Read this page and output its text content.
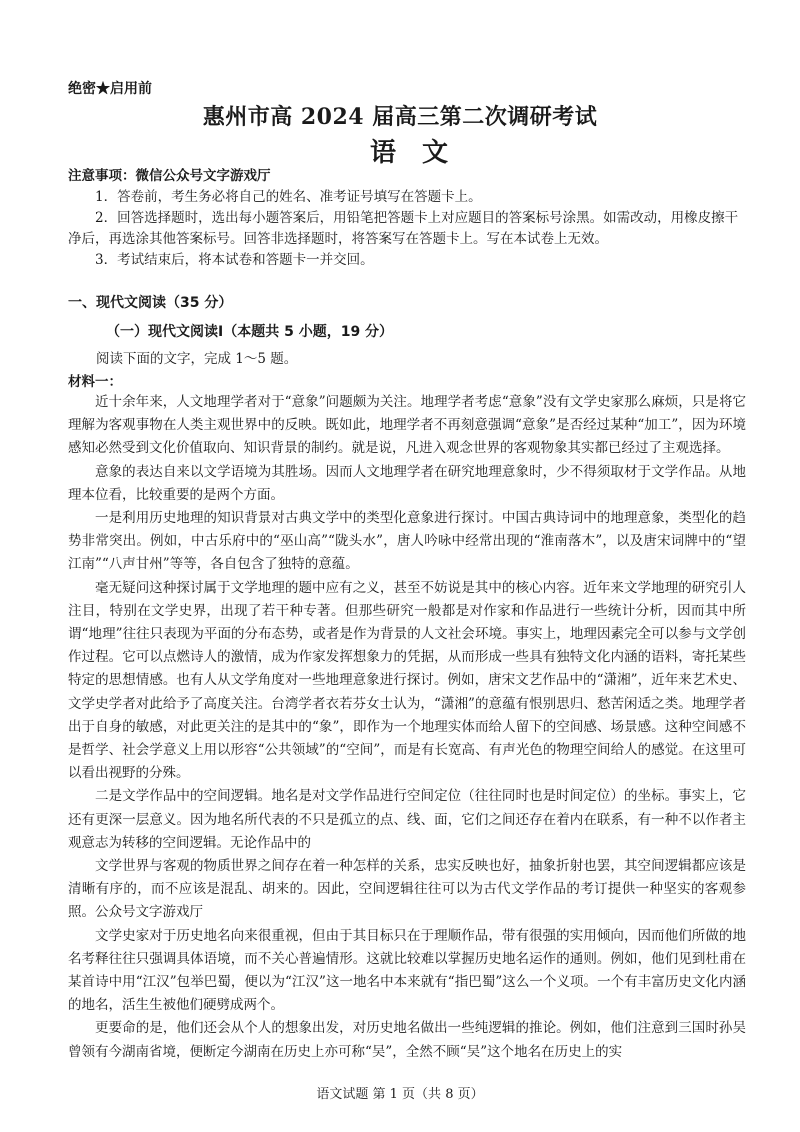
绝密★启用前
惠州市高 2024 届高三第二次调研考试
语文
注意事项：微信公众号文字游戏厅

1．答卷前，考生务必将自己的姓名、准考证号填写在答题卡上。

2．回答选择题时，选出每小题答案后，用铅笔把答题卡上对应题目的答案标号涂黑。如需改动，用橡皮擦干净后，再选涂其他答案标号。回答非选择题时，将答案写在答题卡上。写在本试卷上无效。

3．考试结束后，将本试卷和答题卡一并交回。

一、现代文阅读（35 分）
（一）现代文阅读Ⅰ（本题共 5 小题，19 分）
阅读下面的文字，完成 1～5 题。
材料一：

近十余年来，人文地理学者对于“意象”问题颇为关注。地理学者考虑“意象”没有文学史家那么麻烦，只是将它理解为客观事物在人类主观世界中的反映。既如此，地理学者不再刻意强调“意象”是否经过某种“加工”，因为环境感知必然受到文化价值取向、知识背景的制约。就是说，凡进入观念世界的客观物象其实都已经过了主观选择。

意象的表达自来以文学语境为其胜场。因而人文地理学者在研究地理意象时，少不得须取材于文学作品。从地理本位看，比较重要的是两个方面。

一是利用历史地理的知识背景对古典文学中的类型化意象进行探讨。中国古典诗词中的地理意象，类型化的趋势非常突出。例如，中古乐府中的“巫山高”“陇头水”，唐人吟咏中经常出现的“淮南落木”，以及唐宋词牌中的“望江南”“八声甘州”等等，各自包含了独特的意蕴。

毫无疑问这种探讨属于文学地理的题中应有之义，甚至不妨说是其中的核心内容。近年来文学地理的研究引人注目，特别在文学史界，出现了若干种专著。但那些研究一般都是对作家和作品进行一些统计分析，因而其中所谓“地理”往往只表现为平面的分布态势，或者是作为背景的人文社会环境。事实上，地理因素完全可以参与文学创作过程。它可以点燃诗人的激情，成为作家发挥想象力的凭据，从而形成一些具有独特文化内涵的语料，寄托某些特定的思想情感。也有人从文学角度对一些地理意象进行探讨。例如，唐宋文艺作品中的“潇湘”，近年来艺术史、文学史学者对此给予了高度关注。台湾学者衣若芬女士认为，“潇湘”的意蕴有恨别思归、愁苦闲适之类。地理学者出于自身的敏感，对此更关注的是其中的“象”，即作为一个地理实体而给人留下的空间感、场景感。这种空间感不是哲学、社会学意义上用以形容“公共领域”的“空间”，而是有长宽高、有声光色的物理空间给人的感觉。在这里可以看出视野的分殊。

二是文学作品中的空间逻辑。地名是对文学作品进行空间定位（往往同时也是时间定位）的坐标。事实上，它还有更深一层意义。因为地名所代表的不只是孤立的点、线、面，它们之间还存在着内在联系，有一种不以作者主观意志为转移的空间逻辑。无论作品中的

文学世界与客观的物质世界之间存在着一种怎样的关系，忠实反映也好，抽象折射也罢，其空间逻辑都应该是清晰有序的，而不应该是混乱、胡来的。因此，空间逻辑往往可以为古代文学作品的考订提供一种坚实的客观参照。公众号文字游戏厅

文学史家对于历史地名向来很重视，但由于其目标只在于理顺作品，带有很强的实用倾向，因而他们所做的地名考释往往只强调具体语境，而不关心普遍情形。这就比较难以掌握历史地名运作的通则。例如，他们见到杜甫在某首诗中用“江汉”包举巴蜀，便以为“江汉”这一地名中本来就有“指巴蜀”这么一个义项。一个有丰富历史文化内涵的地名，活生生被他们硬劈成两个。

更要命的是，他们还会从个人的想象出发，对历史地名做出一些纯逻辑的推论。例如，他们注意到三国时孙吴曾领有今湖南省境，便断定今湖南在历史上亦可称“吴”，全然不顾“吴”这个地名在历史上的实

语文试题 第 1 页（共 8 页）
